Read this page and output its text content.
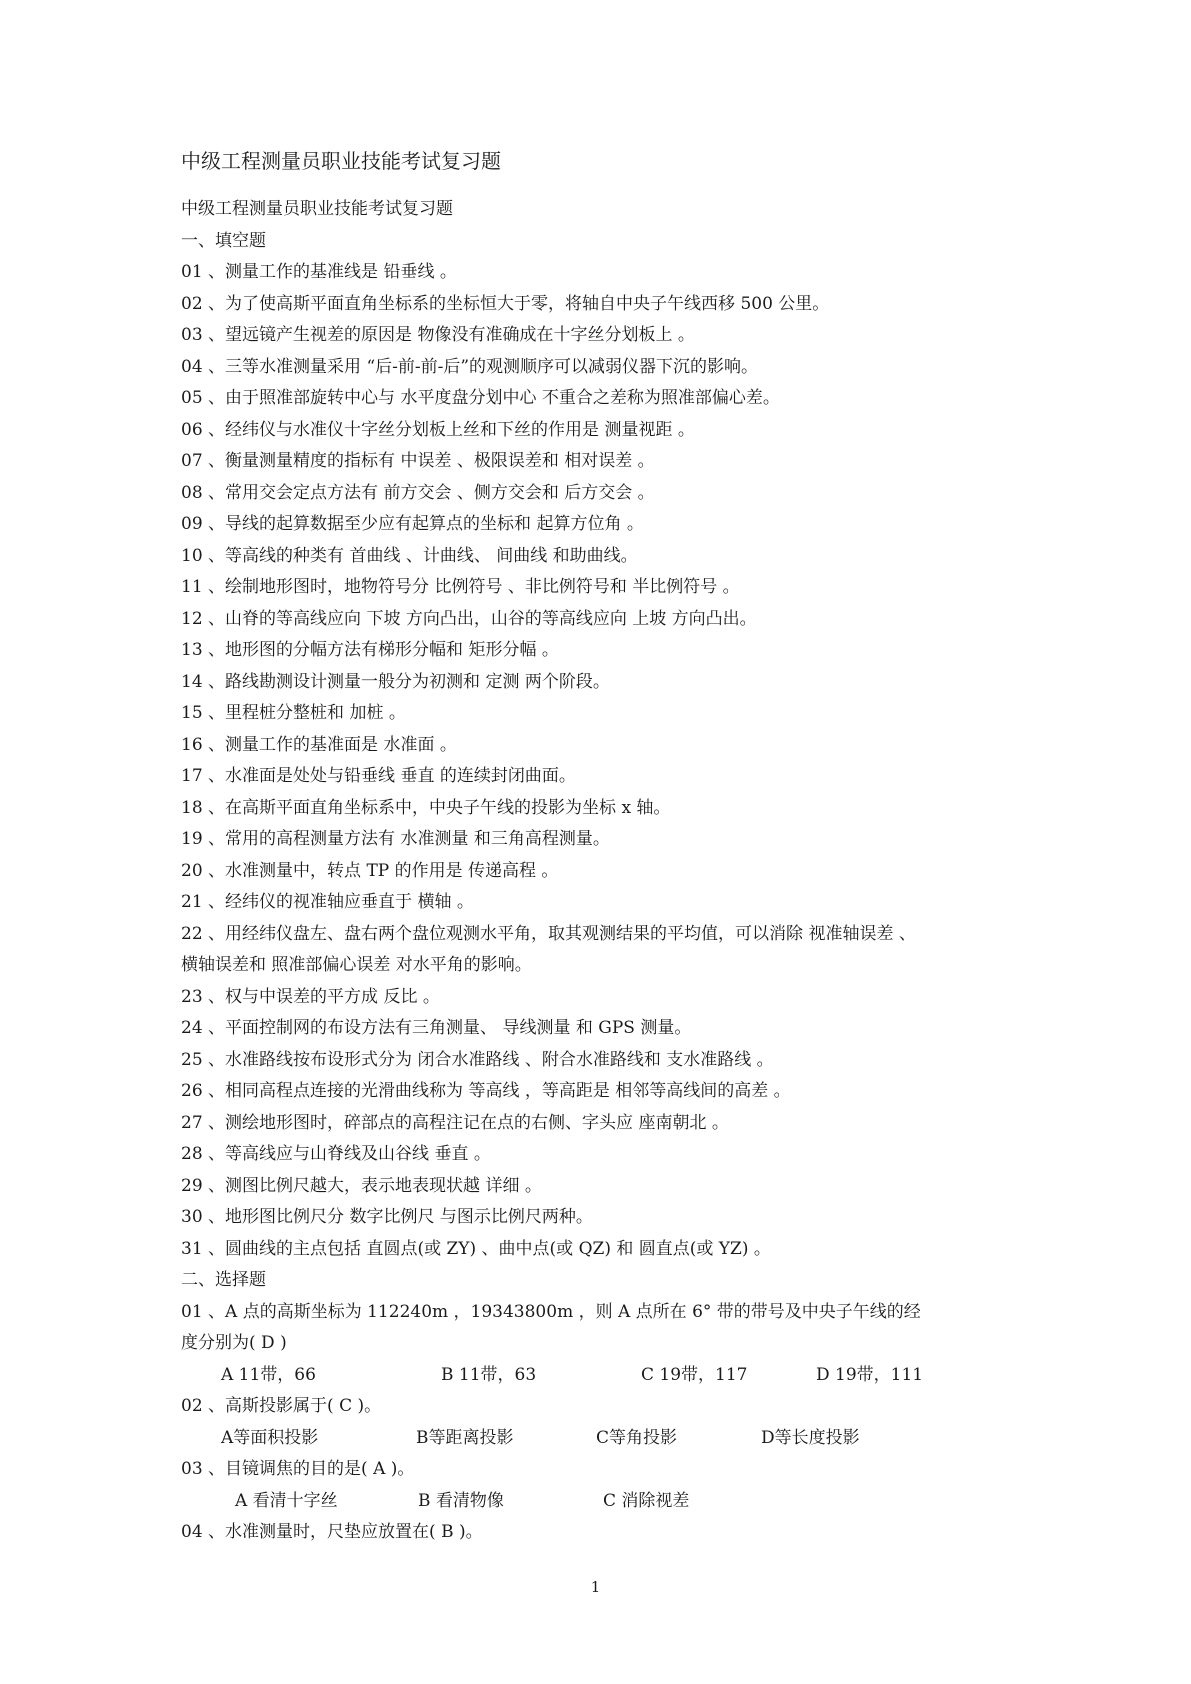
中级工程测量员职业技能考试复习题
中级工程测量员职业技能考试复习题
一、填空题
01 、测量工作的基准线是 铅垂线 。
02 、为了使高斯平面直角坐标系的坐标恒大于零，将轴自中央子午线西移 500 公里。
03 、望远镜产生视差的原因是 物像没有准确成在十字丝分划板上 。
04 、三等水准测量采用 “后-前-前-后”的观测顺序可以减弱仪器下沉的影响。
05 、由于照准部旋转中心与 水平度盘分划中心 不重合之差称为照准部偏心差。
06 、经纬仪与水准仪十字丝分划板上丝和下丝的作用是 测量视距 。
07 、衡量测量精度的指标有 中误差 、极限误差和 相对误差 。
08 、常用交会定点方法有 前方交会 、侧方交会和 后方交会 。
09 、导线的起算数据至少应有起算点的坐标和 起算方位角 。
10 、等高线的种类有 首曲线 、计曲线、 间曲线 和助曲线。
11 、绘制地形图时，地物符号分 比例符号 、非比例符号和 半比例符号 。
12 、山脊的等高线应向 下坡 方向凸出，山谷的等高线应向 上坡 方向凸出。
13 、地形图的分幅方法有梯形分幅和 矩形分幅 。
14 、路线勘测设计测量一般分为初测和 定测 两个阶段。
15 、里程桩分整桩和 加桩 。
16 、测量工作的基准面是 水准面 。
17 、水准面是处处与铅垂线 垂直 的连续封闭曲面。
18 、在高斯平面直角坐标系中，中央子午线的投影为坐标 x 轴。
19 、常用的高程测量方法有 水准测量 和三角高程测量。
20 、水准测量中，转点 TP 的作用是 传递高程 。
21 、经纬仪的视准轴应垂直于 横轴 。
22 、用经纬仪盘左、盘右两个盘位观测水平角，取其观测结果的平均值，可以消除 视准轴误差 、
横轴误差和 照准部偏心误差 对水平角的影响。
23 、权与中误差的平方成 反比 。
24 、平面控制网的布设方法有三角测量、 导线测量 和 GPS 测量。
25 、水准路线按布设形式分为 闭合水准路线 、附合水准路线和 支水准路线 。
26 、相同高程点连接的光滑曲线称为 等高线 ，等高距是 相邻等高线间的高差 。
27 、测绘地形图时，碎部点的高程注记在点的右侧、字头应 座南朝北 。
28 、等高线应与山脊线及山谷线 垂直 。
29 、测图比例尺越大，表示地表现状越 详细 。
30 、地形图比例尺分 数字比例尺 与图示比例尺两种。
31 、圆曲线的主点包括 直圆点(或 ZY) 、曲中点(或 QZ) 和 圆直点(或 YZ) 。
二、选择题
01 、A 点的高斯坐标为 112240m ，19343800m ，则 A 点所在 6° 带的带号及中央子午线的经
度分别为( D )
A 11带，66	B 11带，63	C 19带，117	D 19带，111
02 、高斯投影属于( C )。
A等面积投影	B等距离投影	C等角投影	D等长度投影
03 、目镜调焦的目的是( A )。
A 看清十字丝	B 看清物像	C 消除视差
04 、水准测量时，尺垫应放置在( B )。
1
